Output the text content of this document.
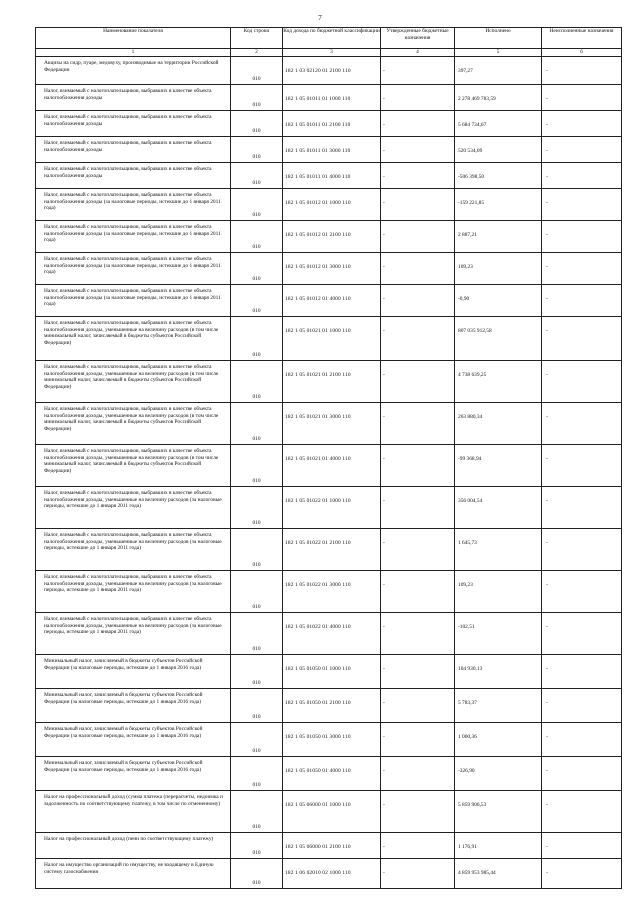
7
Наименование показателя	Код строки	Код дохода по бюджетной классификации	Утвержденные бюджетные назначения	Исполнено	Неисполненные назначения
1	2	3	4	5	6
Акцизы на сидр, пуаре, медовуху, производимые на территории Российской Федерации	010	182 1 03 02120 01 2100 110	-	397,27	-
Налог, взимаемый с налогоплательщиков, выбравших в качестве объекта налогообложения доходы	010	182 1 05 01011 01 1000 110	-	2 278 469 783,59	-
Налог, взимаемый с налогоплательщиков, выбравших в качестве объекта налогообложения доходы	010	182 1 05 01011 01 2100 110	-	5 684 734,67	-
Налог, взимаемый с налогоплательщиков, выбравших в качестве объекта налогообложения доходы	010	182 1 05 01011 01 3000 110	-	520 534,09	-
Налог, взимаемый с налогоплательщиков, выбравших в качестве объекта налогообложения доходы	010	182 1 05 01011 01 4000 110	-	-506 398,50	-
Налог, взимаемый с налогоплательщиков, выбравших в качестве объекта налогообложения доходы (за налоговые периоды, истекшие до 1 января 2011 года)	010	182 1 05 01012 01 1000 110	-	-159 221,85	-
Налог, взимаемый с налогоплательщиков, выбравших в качестве объекта налогообложения доходы (за налоговые периоды, истекшие до 1 января 2011 года)	010	182 1 05 01012 01 2100 110	-	2 887,21	-
Налог, взимаемый с налогоплательщиков, выбравших в качестве объекта налогообложения доходы (за налоговые периоды, истекшие до 1 января 2011 года)	010	182 1 05 01012 01 3000 110	-	109,23	-
Налог, взимаемый с налогоплательщиков, выбравших в качестве объекта налогообложения доходы (за налоговые периоды, истекшие до 1 января 2011 года)	010	182 1 05 01012 01 4000 110	-	-0,90	-
Налог, взимаемый с налогоплательщиков, выбравших в качестве объекта налогообложения доходы, уменьшенные на величину расходов (в том числе минимальный налог, зачисляемый в бюджеты субъектов Российской Федерации)	010	182 1 05 01021 01 1000 110	-	807 035 912,58	-
Налог, взимаемый с налогоплательщиков, выбравших в качестве объекта налогообложения доходы, уменьшенные на величину расходов (в том числе минимальный налог, зачисляемый в бюджеты субъектов Российской Федерации)	010	182 1 05 01021 01 2100 110	-	4 738 639,25	-
Налог, взимаемый с налогоплательщиков, выбравших в качестве объекта налогообложения доходы, уменьшенные на величину расходов (в том числе минимальный налог, зачисляемый в бюджеты субъектов Российской Федерации)	010	182 1 05 01021 01 3000 110	-	263 880,34	-
Налог, взимаемый с налогоплательщиков, выбравших в качестве объекта налогообложения доходы, уменьшенные на величину расходов (в том числе минимальный налог, зачисляемый в бюджеты субъектов Российской Федерации)	010	182 1 05 01021 01 4000 110	-	-99 368,94	-
Налог, взимаемый с налогоплательщиков, выбравших в качестве объекта налогообложения доходы, уменьшенные на величину расходов (за налоговые периоды, истекшие до 1 января 2011 года)	010	182 1 05 01022 01 1000 110	-	356 004,54	-
Налог, взимаемый с налогоплательщиков, выбравших в качестве объекта налогообложения доходы, уменьшенные на величину расходов (за налоговые периоды, истекшие до 1 января 2011 года)	010	182 1 05 01022 01 2100 110	-	1 645,73	-
Налог, взимаемый с налогоплательщиков, выбравших в качестве объекта налогообложения доходы, уменьшенные на величину расходов (за налоговые периоды, истекшие до 1 января 2011 года)	010	182 1 05 01022 01 3000 110	-	109,23	-
Налог, взимаемый с налогоплательщиков, выбравших в качестве объекта налогообложения доходы, уменьшенные на величину расходов (за налоговые периоды, истекшие до 1 января 2011 года)	010	182 1 05 01022 01 4000 110	-	-102,51	-
Минимальный налог, зачисляемый в бюджеты субъектов Российской Федерации (за налоговые периоды, истекшие до 1 января 2016 года)	010	182 1 05 01050 01 1000 110	-	104 930,13	-
Минимальный налог, зачисляемый в бюджеты субъектов Российской Федерации (за налоговые периоды, истекшие до 1 января 2016 года)	010	182 1 05 01050 01 2100 110	-	5 783,37	-
Минимальный налог, зачисляемый в бюджеты субъектов Российской Федерации (за налоговые периоды, истекшие до 1 января 2016 года)	010	182 1 05 01050 01 3000 110	-	1 000,36	-
Минимальный налог, зачисляемый в бюджеты субъектов Российской Федерации (за налоговые периоды, истекшие до 1 января 2016 года)	010	182 1 05 01050 01 4000 110	-	-326,90	-
Налог на профессиональный доход (сумма платежа (перерасчеты, недоимка и задолженность по соответствующему платежу, в том числе по отмененному)	010	182 1 05 06000 01 1000 110	-	5 859 906,53	-
Налог на профессиональный доход (пени по соответствующему платежу)	010	182 1 05 06000 01 2100 110	-	1 176,91	-
Налог на имущество организаций по имуществу, не входящему в Единую систему газоснабжения	010	182 1 06 02010 02 1000 110	-	4 859 953 985,44	-
